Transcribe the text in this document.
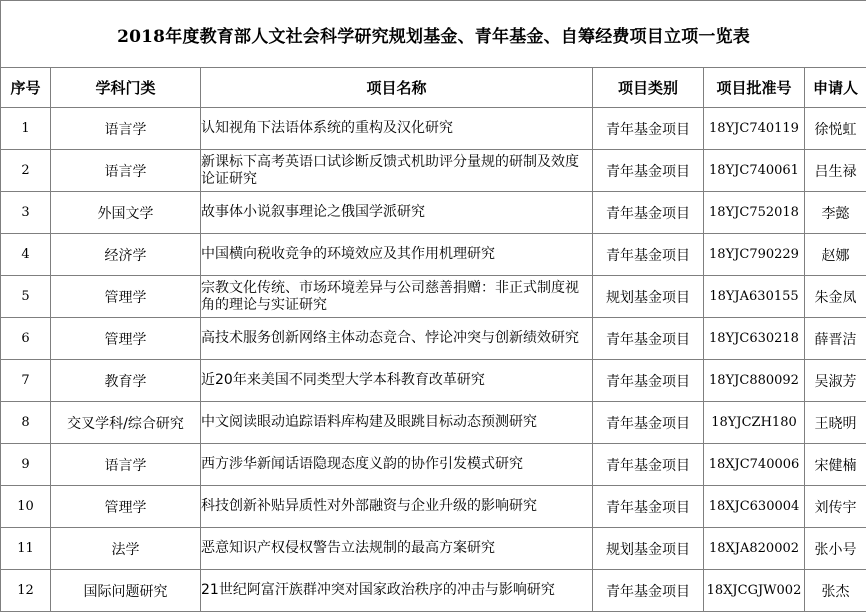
2018年度教育部人文社会科学研究规划基金、青年基金、自筹经费项目立项一览表					
序号	学科门类	项目名称	项目类别	项目批准号	申请人
1	语言学	认知视角下法语体系统的重构及汉化研究	青年基金项目	18YJC740119	徐悦虹
2	语言学	新课标下高考英语口试诊断反馈式机助评分量规的研制及效度论证研究	青年基金项目	18YJC740061	吕生禄
3	外国文学	故事体小说叙事理论之俄国学派研究	青年基金项目	18YJC752018	李懿
4	经济学	中国横向税收竞争的环境效应及其作用机理研究	青年基金项目	18YJC790229	赵娜
5	管理学	宗教文化传统、市场环境差异与公司慈善捐赠：非正式制度视角的理论与实证研究	规划基金项目	18YJA630155	朱金凤
6	管理学	高技术服务创新网络主体动态竞合、悖论冲突与创新绩效研究	青年基金项目	18YJC630218	薛晋洁
7	教育学	近20年来美国不同类型大学本科教育改革研究	青年基金项目	18YJC880092	吴淑芳
8	交叉学科/综合研究	中文阅读眼动追踪语料库构建及眼跳目标动态预测研究	青年基金项目	18YJCZH180	王晓明
9	语言学	西方涉华新闻话语隐现态度义韵的协作引发模式研究	青年基金项目	18XJC740006	宋健楠
10	管理学	科技创新补贴异质性对外部融资与企业升级的影响研究	青年基金项目	18XJC630004	刘传宇
11	法学	恶意知识产权侵权警告立法规制的最高方案研究	规划基金项目	18XJA820002	张小号
12	国际问题研究	21世纪阿富汗族群冲突对国家政治秩序的冲击与影响研究	青年基金项目	18XJCGJW002	张杰
